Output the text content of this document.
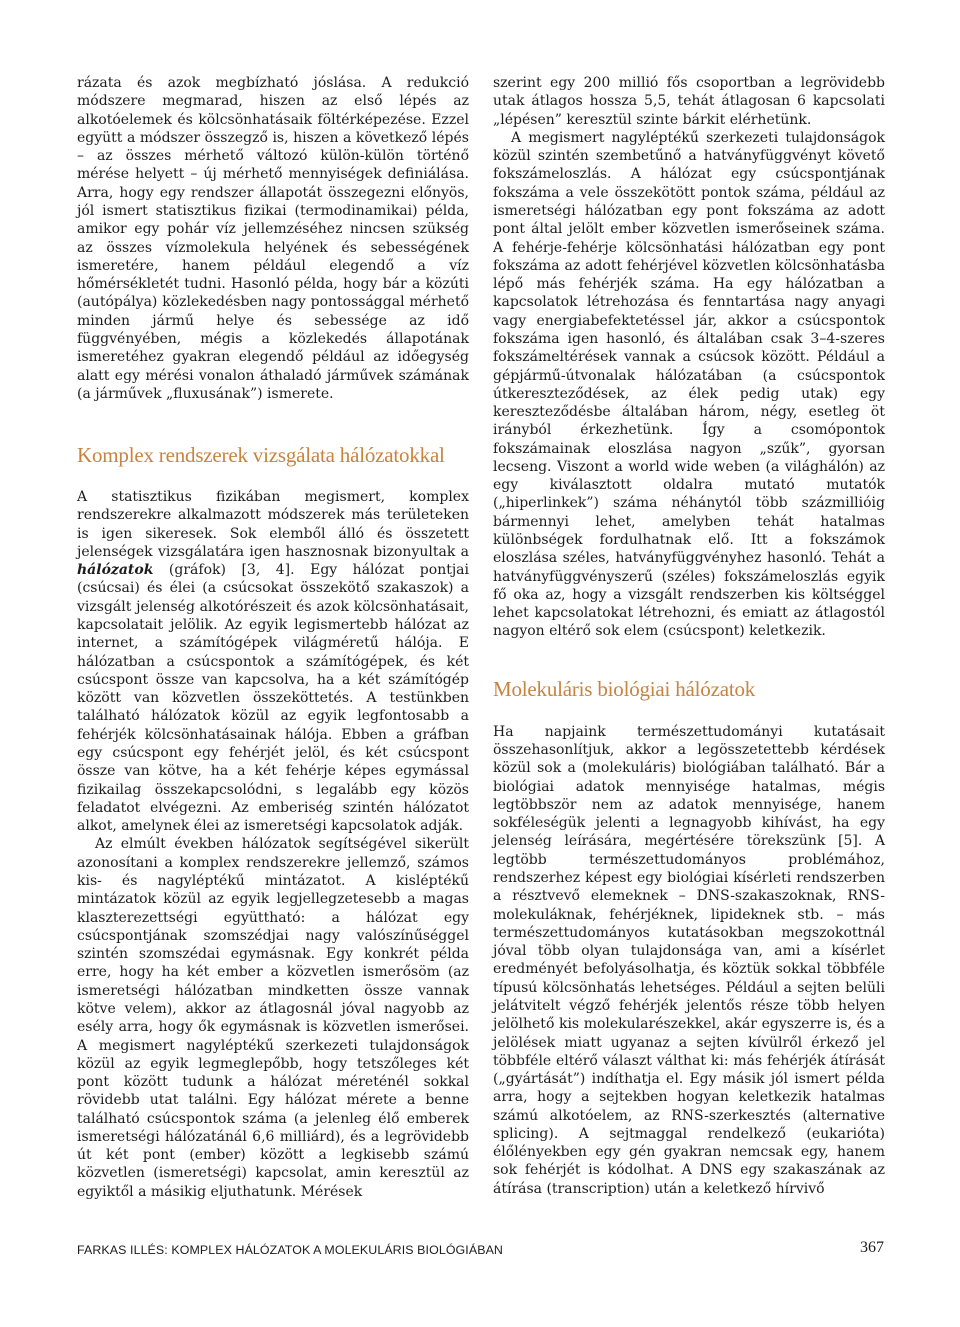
rázata és azok megbízható jóslása. A redukció módszere megmarad, hiszen az első lépés az alkotóelemek és kölcsönhatásaik föltérképezése. Ezzel együtt a módszer összegző is, hiszen a következő lépés – az összes mérhető változó külön-külön történő mérése helyett – új mérhető mennyiségek definiálása. Arra, hogy egy rendszer állapotát összegezni előnyös, jól ismert statisztikus fizikai (termodinamikai) példa, amikor egy pohár víz jellemzéséhez nincsen szükség az összes vízmolekula helyének és sebességének ismeretére, hanem például elegendő a víz hőmérsékletét tudni. Hasonló példa, hogy bár a közúti (autópálya) közlekedésben nagy pontossággal mérhető minden jármű helye és sebessége az idő függvényében, mégis a közlekedés állapotának ismeretéhez gyakran elegendő például az időegység alatt egy mérési vonalon áthaladó járművek számának (a járművek „fluxusának”) ismerete.

Komplex rendszerek vizsgálata hálózatokkal

A statisztikus fizikában megismert, komplex rendszerekre alkalmazott módszerek más területeken is igen sikeresek. Sok elemből álló és összetett jelenségek vizsgálatára igen hasznosnak bizonyultak a hálózatok (gráfok) [3, 4]. Egy hálózat pontjai (csúcsai) és élei (a csúcsokat összekötő szakaszok) a vizsgált jelenség alkotórészeit és azok kölcsönhatásait, kapcsolatait jelölik. Az egyik legismertebb hálózat az internet, a számítógépek világméretű hálója. E hálózatban a csúcspontok a számítógépek, és két csúcspont össze van kapcsolva, ha a két számítógép között van közvetlen összeköttetés. A testünkben található hálózatok közül az egyik legfontosabb a fehérjék kölcsönhatásainak hálója. Ebben a gráfban egy csúcspont egy fehérjét jelöl, és két csúcspont össze van kötve, ha a két fehérje képes egymással fizikailag összekapcsolódni, s legalább egy közös feladatot elvégezni. Az emberiség szintén hálózatot alkot, amelynek élei az ismeretségi kapcsolatok adják.

Az elmúlt években hálózatok segítségével sikerült azonosítani a komplex rendszerekre jellemző, számos kis- és nagyléptékű mintázatot. A kisléptékű mintázatok közül az egyik legjellegzetesebb a magas klaszterezettségi együttható: a hálózat egy csúcspontjának szomszédjai nagy valószínűséggel szintén szomszédai egymásnak. Egy konkrét példa erre, hogy ha két ember a közvetlen ismerősöm (az ismeretségi hálózatban mindketten össze vannak kötve velem), akkor az átlagosnál jóval nagyobb az esély arra, hogy ők egymásnak is közvetlen ismerősei. A megismert nagyléptékű szerkezeti tulajdonságok közül az egyik legmeglepőbb, hogy tetszőleges két pont között tudunk a hálózat méreténél sokkal rövidebb utat találni. Egy hálózat mérete a benne található csúcspontok száma (a jelenleg élő emberek ismeretségi hálózatánál 6,6 milliárd), és a legrövidebb út két pont (ember) között a legkisebb számú közvetlen (ismeretségi) kapcsolat, amin keresztül az egyiktől a másikig eljuthatunk. Mérések

szerint egy 200 millió fős csoportban a legrövidebb utak átlagos hossza 5,5, tehát átlagosan 6 kapcsolati „lépésen” keresztül szinte bárkit elérhetünk.

A megismert nagyléptékű szerkezeti tulajdonságok közül szintén szembetűnő a hatványfüggvényt követő fokszámeloszlás. A hálózat egy csúcspontjának fokszáma a vele összekötött pontok száma, például az ismeretségi hálózatban egy pont fokszáma az adott pont által jelölt ember közvetlen ismerőseinek száma. A fehérje-fehérje kölcsönhatási hálózatban egy pont fokszáma az adott fehérjével közvetlen kölcsönhatásba lépő más fehérjék száma. Ha egy hálózatban a kapcsolatok létrehozása és fenntartása nagy anyagi vagy energiabefektetéssel jár, akkor a csúcspontok fokszáma igen hasonló, és általában csak 3–4-szeres fokszámeltérések vannak a csúcsok között. Például a gépjármű-útvonalak hálózatában (a csúcspontok útkereszteződések, az élek pedig utak) egy kereszteződésbe általában három, négy, esetleg öt irányból érkezhetünk. Így a csomópontok fokszámainak eloszlása nagyon „szűk”, gyorsan lecseng. Viszont a world wide weben (a világhálón) az egy kiválasztott oldalra mutató mutatók („hiperlinkek”) száma néhánytól több százmillióig bármennyi lehet, amelyben tehát hatalmas különbségek fordulhatnak elő. Itt a fokszámok eloszlása széles, hatványfüggvényhez hasonló. Tehát a hatványfüggvényszerű (széles) fokszámeloszlás egyik fő oka az, hogy a vizsgált rendszerben kis költséggel lehet kapcsolatokat létrehozni, és emiatt az átlagostól nagyon eltérő sok elem (csúcspont) keletkezik.

Molekuláris biológiai hálózatok

Ha napjaink természettudományi kutatásait összehasonlítjuk, akkor a legösszetettebb kérdések közül sok a (molekuláris) biológiában található. Bár a biológiai adatok mennyisége hatalmas, mégis legtöbbször nem az adatok mennyisége, hanem sokféleségük jelenti a legnagyobb kihívást, ha egy jelenség leírására, megértésére törekszünk [5]. A legtöbb természettudományos problémához, rendszerhez képest egy biológiai kísérleti rendszerben a résztvevő elemeknek – DNS-szakaszoknak, RNS-molekuláknak, fehérjéknek, lipideknek stb. – más természettudományos kutatásokban megszokottnál jóval több olyan tulajdonsága van, ami a kísérlet eredményét befolyásolhatja, és köztük sokkal többféle típusú kölcsönhatás lehetséges. Például a sejten belüli jelátvitelt végző fehérjék jelentős része több helyen jelölhető kis molekularészekkel, akár egyszerre is, és a jelölések miatt ugyanaz a sejten kívülről érkező jel többféle eltérő választ válthat ki: más fehérjék átírását („gyártását”) indíthatja el. Egy másik jól ismert példa arra, hogy a sejtekben hogyan keletkezik hatalmas számú alkotóelem, az RNS-szerkesztés (alternative splicing). A sejtmaggal rendelkező (eukarióta) élőlényekben egy gén gyakran nemcsak egy, hanem sok fehérjét is kódolhat. A DNS egy szakaszának az átírása (transcription) után a keletkező hírvivő

FARKAS ILLÉS: KOMPLEX HÁLÓZATOK A MOLEKULÁRIS BIOLÓGIÁBAN	367
